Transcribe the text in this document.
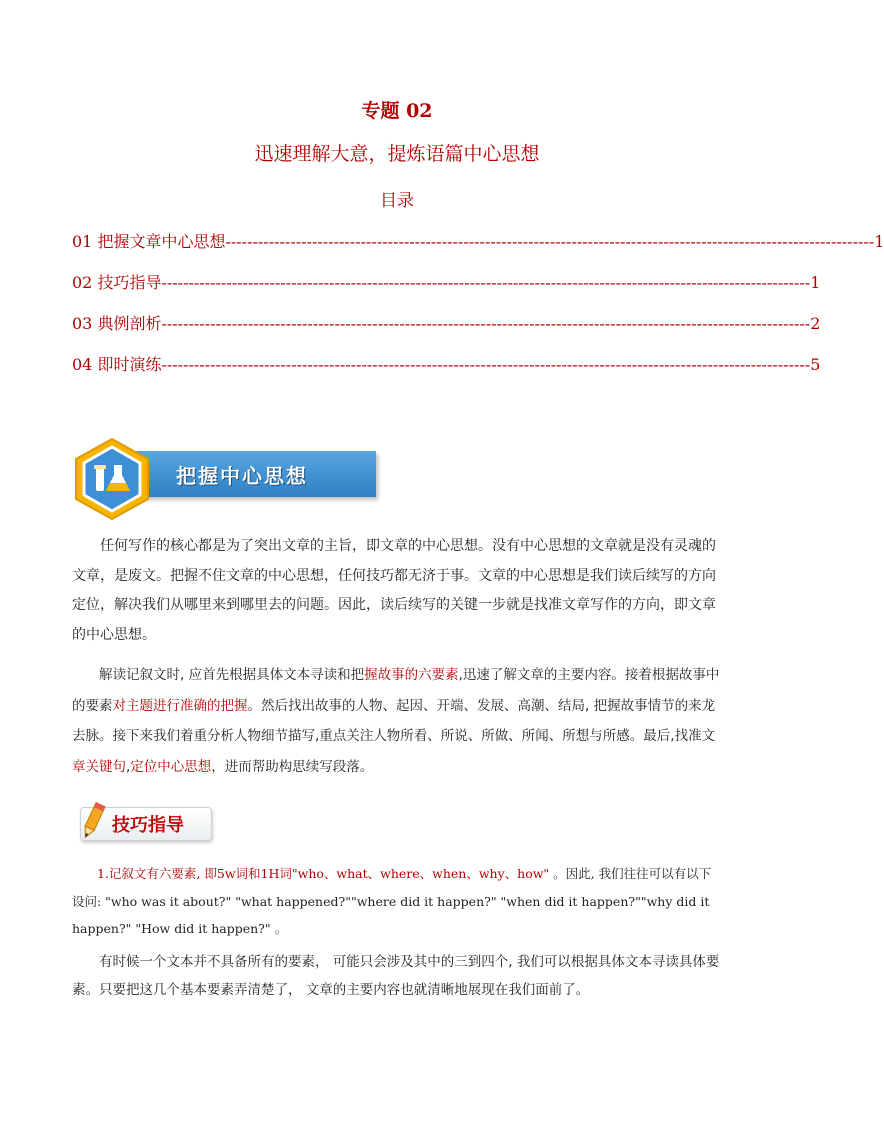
专题 02
迅速理解大意，提炼语篇中心思想
目录
01 把握文章中心思想 ------------------------------------------------------------------------------------------------------------------------ 1
02 技巧指导 ------------------------------------------------------------------------------------------------------------------------ 1
03 典例剖析 ------------------------------------------------------------------------------------------------------------------------ 2
04 即时演练 ------------------------------------------------------------------------------------------------------------------------ 5
把握中心思想
任何写作的核心都是为了突出文章的主旨，即文章的中心思想。没有中心思想的文章就是没有灵魂的文章，是废文。把握不住文章的中心思想，任何技巧都无济于事。文章的中心思想是我们读后续写的方向定位，解决我们从哪里来到哪里去的问题。因此，读后续写的关键一步就是找准文章写作的方向，即文章的中心思想。
解读记叙文时, 应首先根据具体文本寻读和把握故事的六要素,迅速了解文章的主要内容。接着根据故事中的要素对主题进行准确的把握。然后找出故事的人物、起因、开端、发展、高潮、结局, 把握故事情节的来龙去脉。接下来我们着重分析人物细节描写,重点关注人物所看、所说、所做、所闻、所想与所感。最后,找准文章关键句,定位中心思想，进而帮助构思续写段落。
技巧指导
1.记叙文有六要素, 即5w词和1H词"who、what、where、when、why、how" 。因此, 我们往往可以有以下设问: "who was it about?" "what happened?""where did it happen?" "when did it happen?""why did it happen?" "How did it happen?" 。
有时候一个文本并不具备所有的要素， 可能只会涉及其中的三到四个, 我们可以根据具体文本寻读具体要素。只要把这几个基本要素弄清楚了， 文章的主要内容也就清晰地展现在我们面前了。
